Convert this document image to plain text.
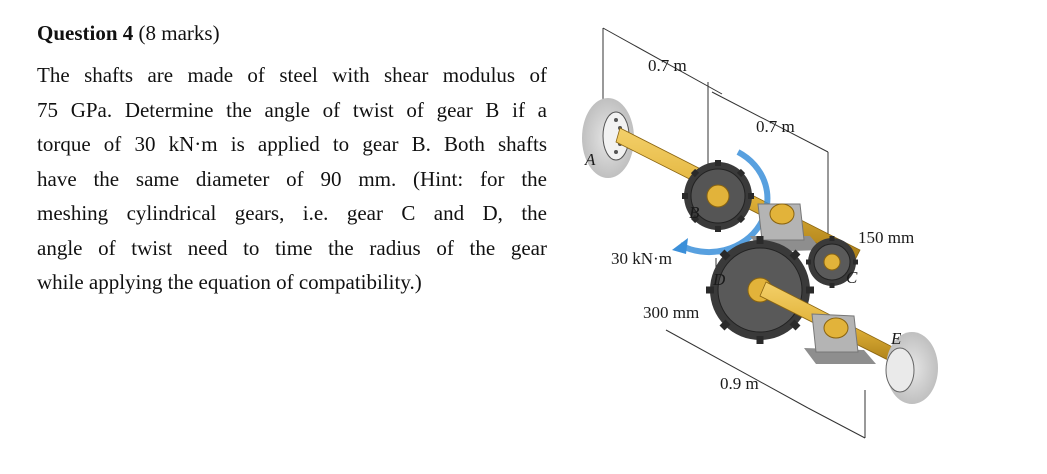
Question 4 (8 marks)
The shafts are made of steel with shear modulus of
75 GPa. Determine the angle of twist of gear B if a
torque of 30 kN·m is applied to gear B. Both shafts
have the same diameter of 90 mm. (Hint: for the
meshing cylindrical gears, i.e. gear C and D, the
angle of twist need to time the radius of the gear
while applying the equation of compatibility.)
0.7 m
0.7 m
150 mm
30 kN·m
300 mm
0.9 m
A
B
C
D
E
